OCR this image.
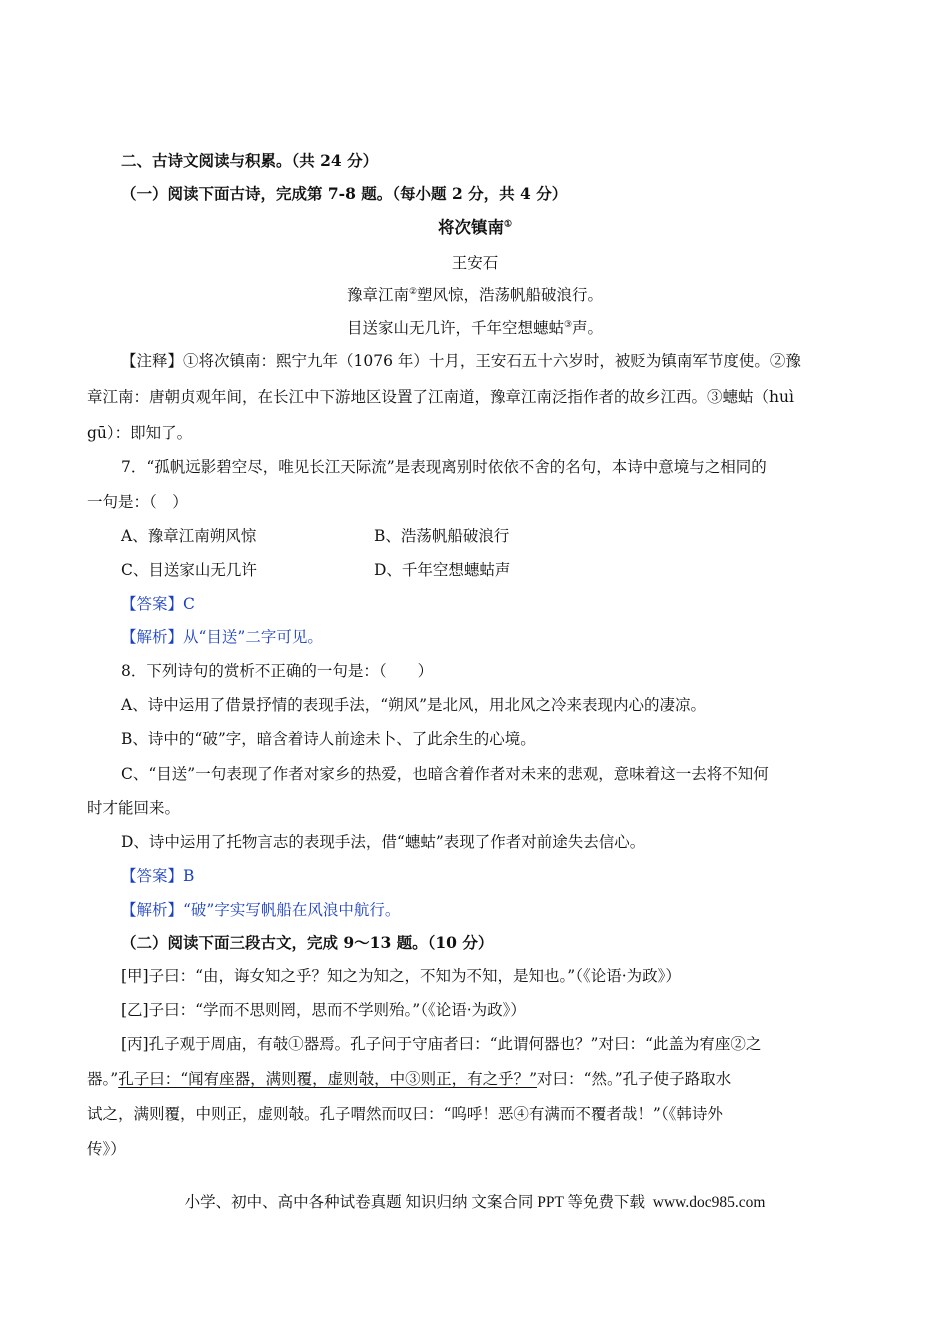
二、古诗文阅读与积累。（共 24 分）
（一）阅读下面古诗，完成第 7-8 题。（每小题 2 分，共 4 分）
将次镇南①
王安石
豫章江南②塑风惊，浩荡帆船破浪行。
目送家山无几许，千年空想蟪蛄③声。
【注释】①将次镇南：熙宁九年（1076 年）十月，王安石五十六岁时，被贬为镇南军节度使。②豫
章江南：唐朝贞观年间，在长江中下游地区设置了江南道，豫章江南泛指作者的故乡江西。③蟪蛄（huì
gū）：即知了。
7．“孤帆远影碧空尽，唯见长江天际流”是表现离别时依依不舍的名句，本诗中意境与之相同的
一句是：（　）
A、豫章江南朔风惊	B、浩荡帆船破浪行
C、目送家山无几许	D、千年空想蟪蛄声
【答案】C
【解析】从“目送”二字可见。
8．下列诗句的赏析不正确的一句是：（　　）
A、诗中运用了借景抒情的表现手法，“朔风”是北风，用北风之冷来表现内心的凄凉。
B、诗中的“破”字，暗含着诗人前途未卜、了此余生的心境。
C、“目送”一句表现了作者对家乡的热爱，也暗含着作者对未来的悲观，意味着这一去将不知何
时才能回来。
D、诗中运用了托物言志的表现手法，借“蟪蛄”表现了作者对前途失去信心。
【答案】B
【解析】“破”字实写帆船在风浪中航行。
（二）阅读下面三段古文，完成 9～13 题。（10 分）
[甲]子曰：“由，诲女知之乎？知之为知之，不知为不知，是知也。”（《论语·为政》）
[乙]子曰：“学而不思则罔，思而不学则殆。”（《论语·为政》）
[丙]孔子观于周庙，有攲①器焉。孔子问于守庙者曰：“此谓何器也？”对曰：“此盖为宥座②之
器。”孔子曰：“闻宥座器，满则覆，虚则攲，中③则正，有之乎？”对曰：“然。”孔子使子路取水
试之，满则覆，中则正，虚则攲。孔子喟然而叹曰：“呜呼！恶④有满而不覆者哉！”（《韩诗外
传》）
小学、初中、高中各种试卷真题 知识归纳 文案合同 PPT 等免费下载 www.doc985.com
